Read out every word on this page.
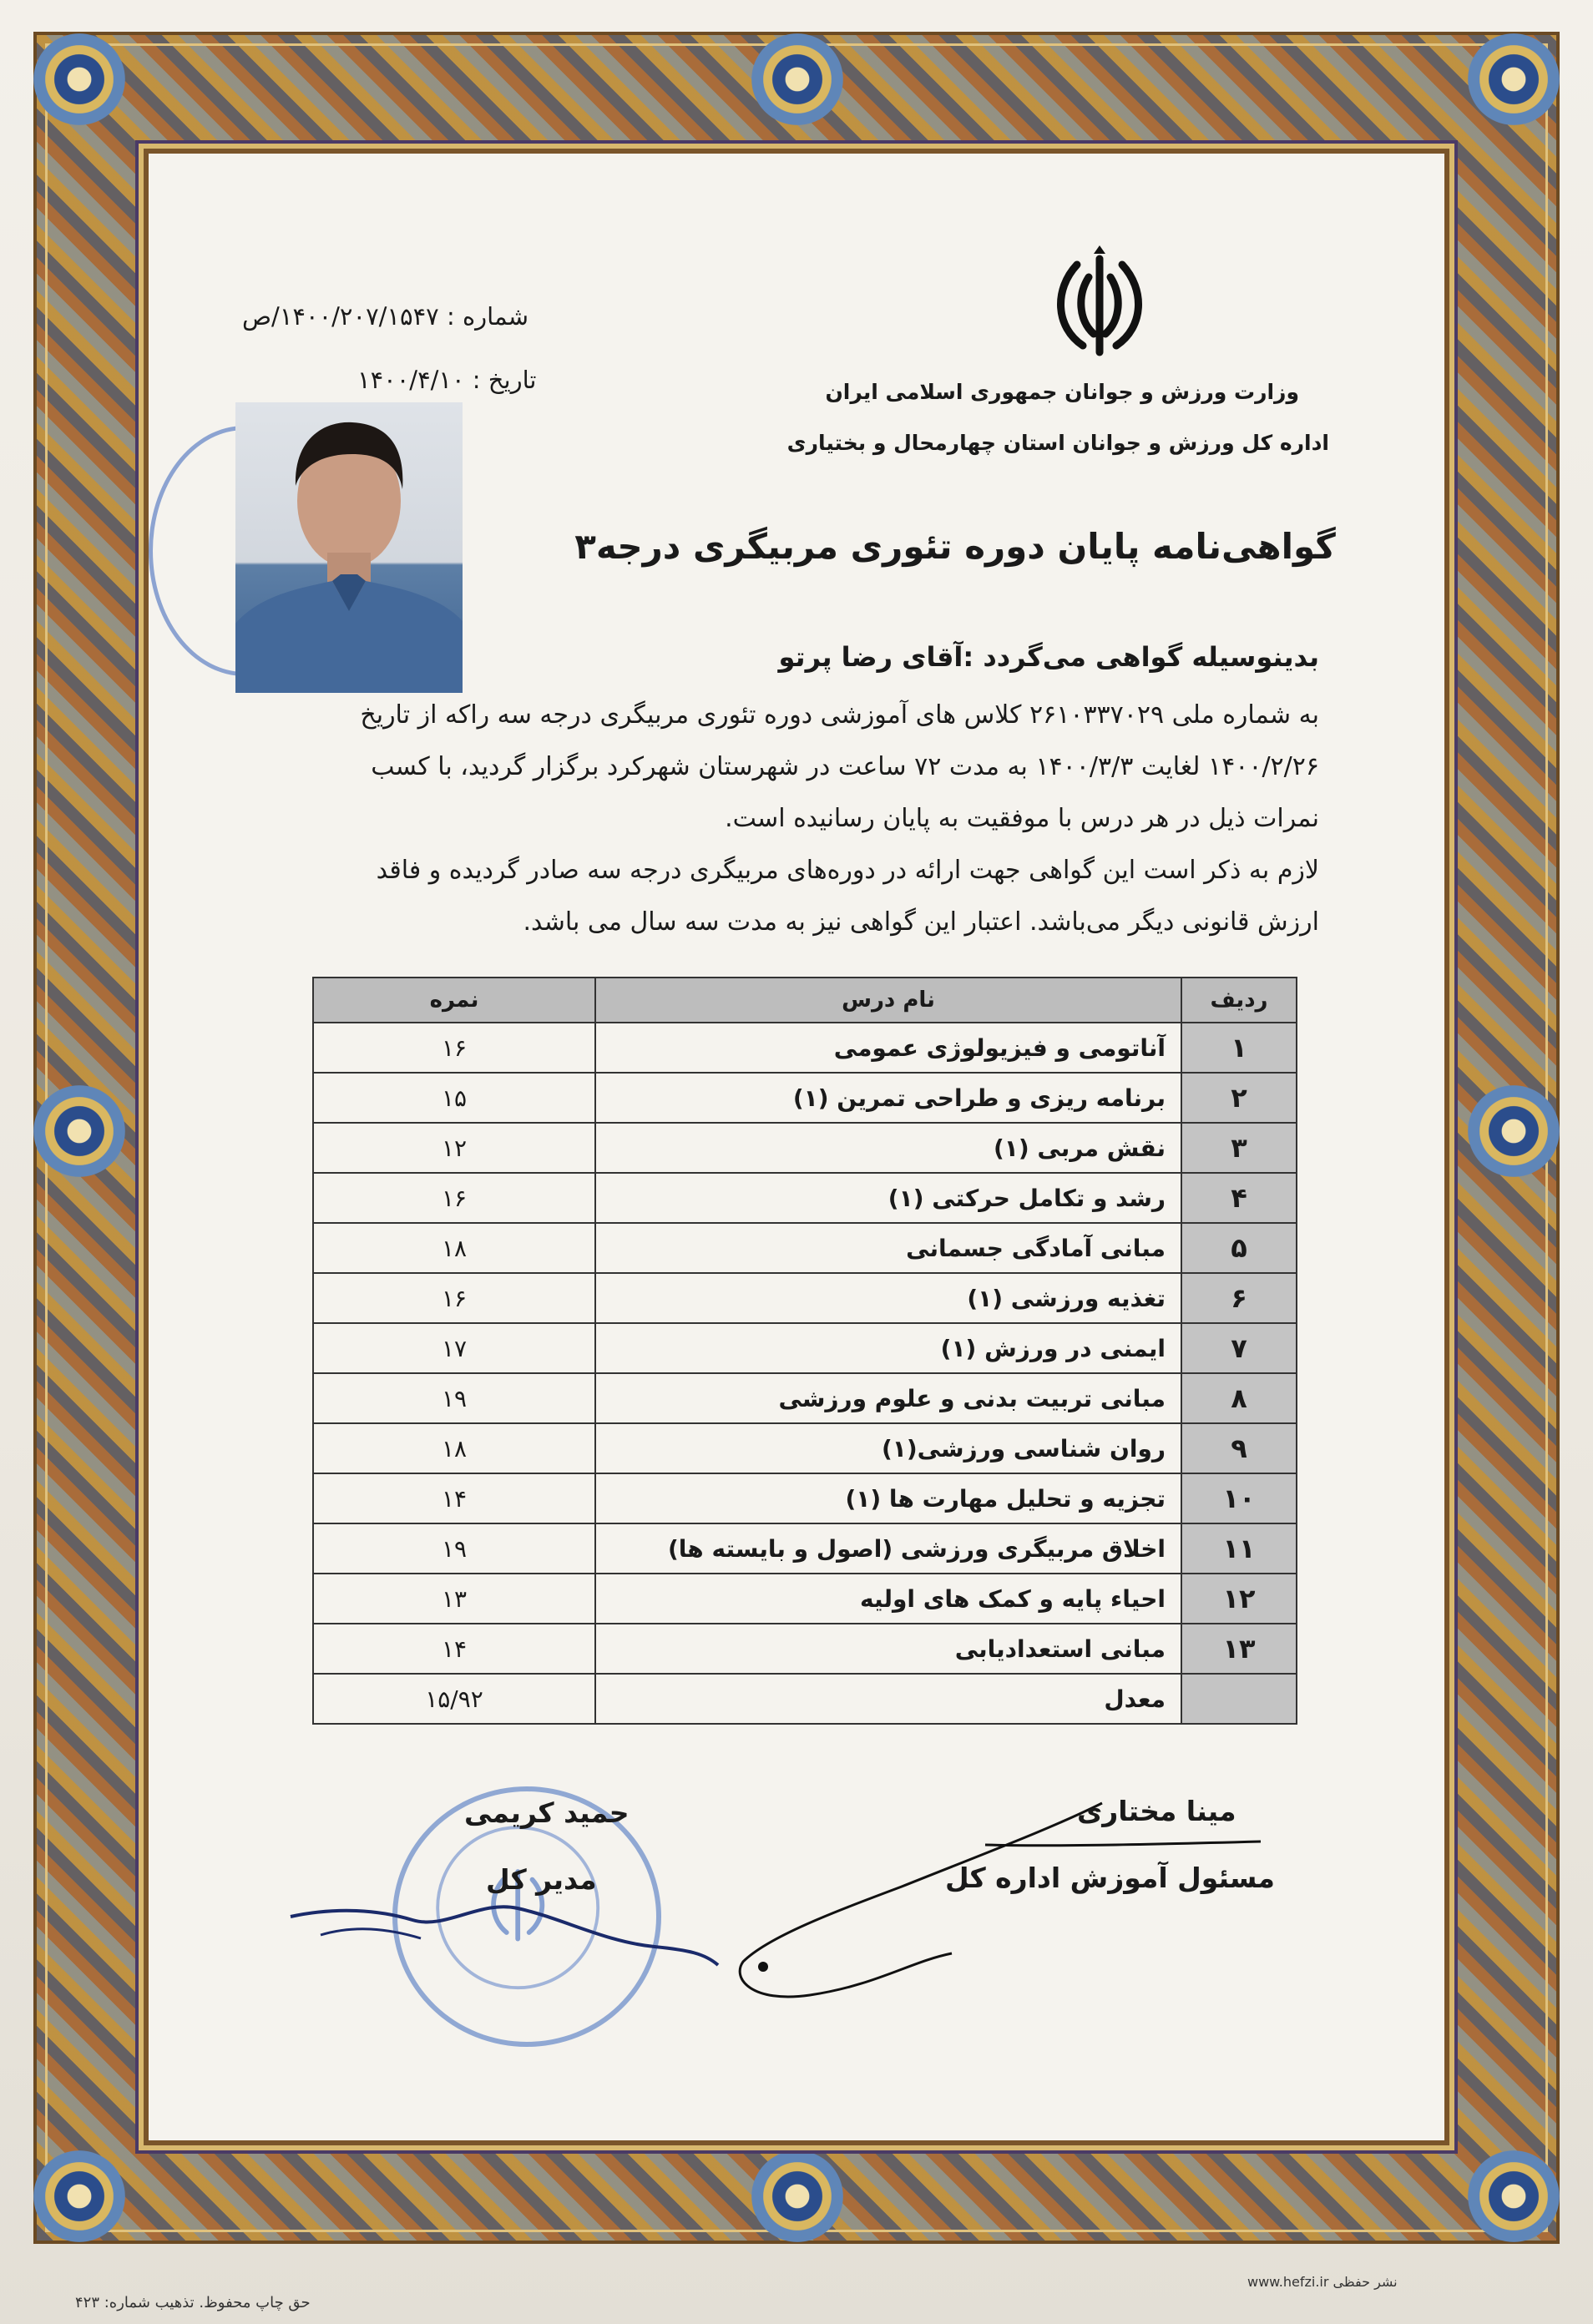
وزارت ورزش و جوانان جمهوری اسلامی ایران
اداره کل ورزش و جوانان استان چهارمحال و بختیاری
شماره : ۱۴۰۰/۲۰۷/۱۵۴۷/ص
تاریخ : ۱۴۰۰/۴/۱۰
گواهی‌نامه پایان دوره تئوری مربیگری درجه۳
بدینوسیله گواهی می‌گردد :آقای رضا پرتو

به شماره ملی ۲۶۱۰۳۳۷۰۲۹ کلاس های آموزشی دوره تئوری مربیگری درجه سه راکه از تاریخ

۱۴۰۰/۲/۲۶ لغایت ۱۴۰۰/۳/۳ به مدت ۷۲ ساعت در شهرستان شهرکرد برگزار گردید، با کسب

نمرات ذیل در هر درس با موفقیت به پایان رسانیده است.

لازم به ذکر است این گواهی جهت ارائه در دوره‌های مربیگری درجه سه صادر گردیده و فاقد

ارزش قانونی دیگر می‌باشد. اعتبار این گواهی نیز به مدت سه سال می باشد.

ردیف	نام درس	نمره
۱	آناتومی و فیزیولوژی عمومی	۱۶
۲	برنامه ریزی و طراحی تمرین (۱)	۱۵
۳	نقش مربی (۱)	۱۲
۴	رشد و تکامل حرکتی (۱)	۱۶
۵	مبانی آمادگی جسمانی	۱۸
۶	تغذیه ورزشی (۱)	۱۶
۷	ایمنی در ورزش (۱)	۱۷
۸	مبانی تربیت بدنی و علوم ورزشی	۱۹
۹	روان شناسی ورزشی(۱)	۱۸
۱۰	تجزیه و تحلیل مهارت ها (۱)	۱۴
۱۱	اخلاق مربیگری ورزشی (اصول و بایسته ها)	۱۹
۱۲	احیاء پایه و کمک های اولیه	۱۳
۱۳	مبانی استعدادیابی	۱۴
	معدل	۱۵/۹۲
حمید کریمی
مدیر کل
مینا مختاری
مسئول آموزش اداره کل
حق چاپ محفوظ. تذهیب شماره: ۴۲۳
www.hefzi.ir نشر حفظی
